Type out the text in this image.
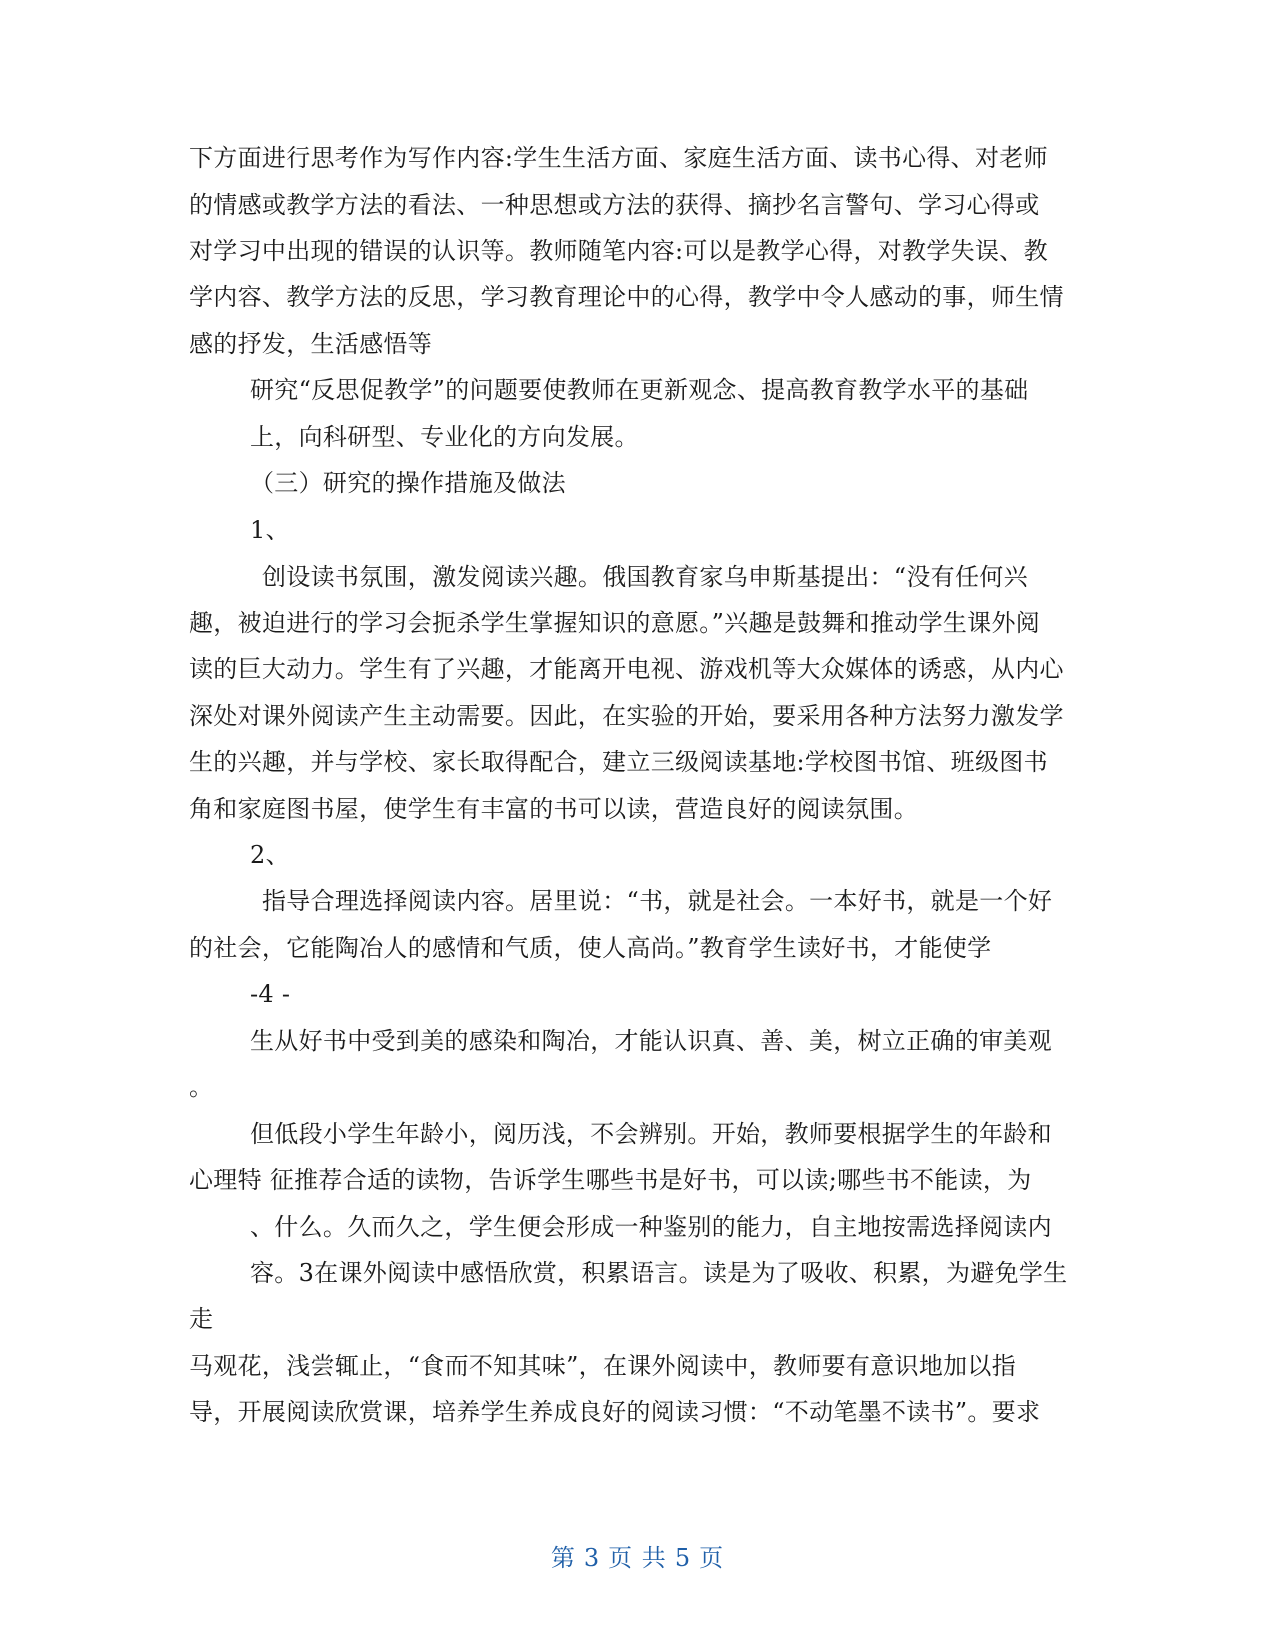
下方面进行思考作为写作内容:学生生活方面、家庭生活方面、读书心得、对老师
的情感或教学方法的看法、一种思想或方法的获得、摘抄名言警句、学习心得或
对学习中出现的错误的认识等。教师随笔内容:可以是教学心得，对教学失误、教
学内容、教学方法的反思，学习教育理论中的心得，教学中令人感动的事，师生情
感的抒发，生活感悟等
研究“反思促教学”的问题要使教师在更新观念、提高教育教学水平的基础
上，向科研型、专业化的方向发展。
（三）研究的操作措施及做法
1、
创设读书氛围，激发阅读兴趣。俄国教育家乌申斯基提出：“没有任何兴
趣，被迫进行的学习会扼杀学生掌握知识的意愿。”兴趣是鼓舞和推动学生课外阅
读的巨大动力。学生有了兴趣，才能离开电视、游戏机等大众媒体的诱惑，从内心
深处对课外阅读产生主动需要。因此，在实验的开始，要采用各种方法努力激发学
生的兴趣，并与学校、家长取得配合，建立三级阅读基地:学校图书馆、班级图书
角和家庭图书屋，使学生有丰富的书可以读，营造良好的阅读氛围。
2、
指导合理选择阅读内容。居里说：“书，就是社会。一本好书，就是一个好
的社会，它能陶冶人的感情和气质，使人高尚。”教育学生读好书，才能使学
-4 -
生从好书中受到美的感染和陶冶，才能认识真、善、美，树立正确的审美观
。
但低段小学生年龄小，阅历浅，不会辨别。开始，教师要根据学生的年龄和
心理特 征推荐合适的读物，告诉学生哪些书是好书，可以读;哪些书不能读，为
、什么。久而久之，学生便会形成一种鉴别的能力，自主地按需选择阅读内
容。3在课外阅读中感悟欣赏，积累语言。读是为了吸收、积累，为避免学生
走
马观花，浅尝辄止，“食而不知其味”，在课外阅读中，教师要有意识地加以指
导，开展阅读欣赏课，培养学生养成良好的阅读习惯：“不动笔墨不读书”。要求
第 3 页 共 5 页
